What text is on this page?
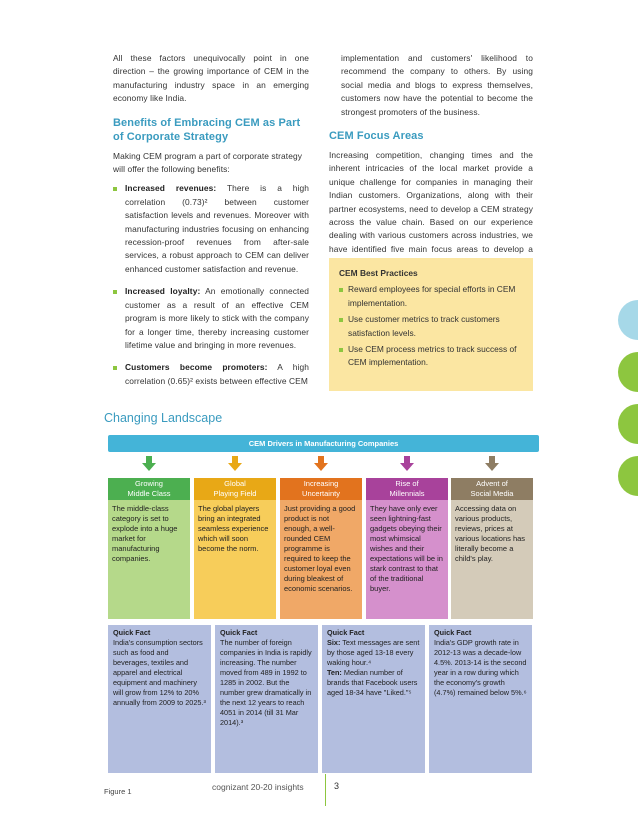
All these factors unequivocally point in one direction – the growing importance of CEM in the manufacturing industry space in an emerging economy like India.

Benefits of Embracing CEM as Part of Corporate Strategy

Making CEM program a part of corporate strategy will offer the following benefits:

Increased revenues: There is a high correlation (0.73)² between customer satisfaction levels and revenues. Moreover with manufacturing industries focusing on enhancing recession-proof revenues from after-sale services, a robust approach to CEM can deliver enhanced customer satisfaction and revenue.
Increased loyalty: An emotionally connected customer as a result of an effective CEM program is more likely to stick with the company for a longer time, thereby increasing customer lifetime value and bringing in more revenues.
Customers become promoters: A high correlation (0.65)² exists between effective CEM

implementation and customers' likelihood to recommend the company to others. By using social media and blogs to express themselves, customers now have the potential to become the strongest promoters of the business.

CEM Focus Areas

Increasing competition, changing times and the inherent intricacies of the local market provide a unique challenge for companies in managing their Indian customers. Organizations, along with their partner ecosystems, need to develop a CEM strategy across the value chain. Based on our experience dealing with various customers across industries, we have identified five main focus areas to develop a

CEM Best Practices
Reward employees for special efforts in CEM implementation.
Use customer metrics to track customers satisfaction levels.
Use CEM process metrics to track success of CEM implementation.
Changing Landscape
CEM Drivers in Manufacturing Companies
Growing
Middle Class
Global
Playing Field
Increasing
Uncertainty
Rise of
Millennials
Advent of
Social Media
The middle-class category is set to explode into a huge market for manufacturing companies.
The global players bring an integrated seamless experience which will soon become the norm.
Just providing a good product is not enough, a well-rounded CEM programme is required to keep the customer loyal even during bleakest of economic scenarios.
They have only ever seen lightning-fast gadgets obeying their most whimsical wishes and their expectations will be in stark contrast to that of the traditional buyer.
Accessing data on various products, reviews, prices at various locations has literally become a child's play.
Quick Fact
India's consumption sectors such as food and beverages, textiles and apparel and electrical equipment and machinery will grow from 12% to 20% annually from 2009 to 2025.³
Quick Fact
The number of foreign companies in India is rapidly increasing. The number moved from 489 in 1992 to 1285 in 2002. But the number grew dramatically in the next 12 years to reach 4051 in 2014 (till 31 Mar 2014).³
Quick Fact
Six: Text messages are sent by those aged 13-18 every waking hour.⁴
Ten: Median number of brands that Facebook users aged 18-34 have "Liked."⁵
Quick Fact
India's GDP growth rate in 2012-13 was a decade-low 4.5%. 2013-14 is the second year in a row during which the economy's growth (4.7%) remained below 5%.⁶
Figure 1	cognizant 20-20 insights	3
